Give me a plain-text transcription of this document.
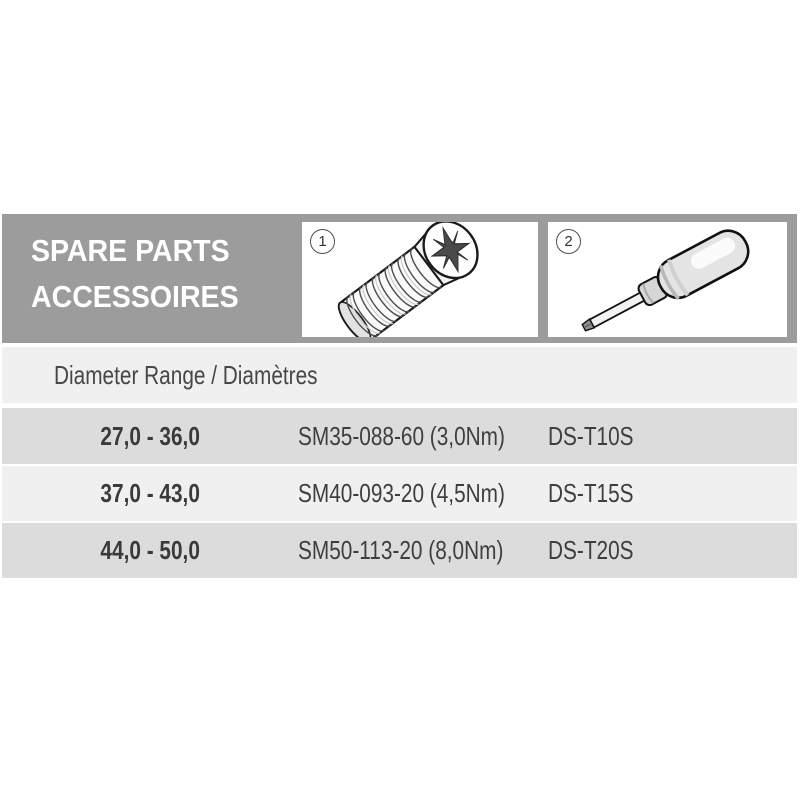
SPARE PARTS
ACCESSOIRES
1	2
Diameter Range / Diamètres
27,0 - 36,0	SM35-088-60 (3,0Nm)	DS-T10S
37,0 - 43,0	SM40-093-20 (4,5Nm)	DS-T15S
44,0 - 50,0	SM50-113-20 (8,0Nm)	DS-T20S
